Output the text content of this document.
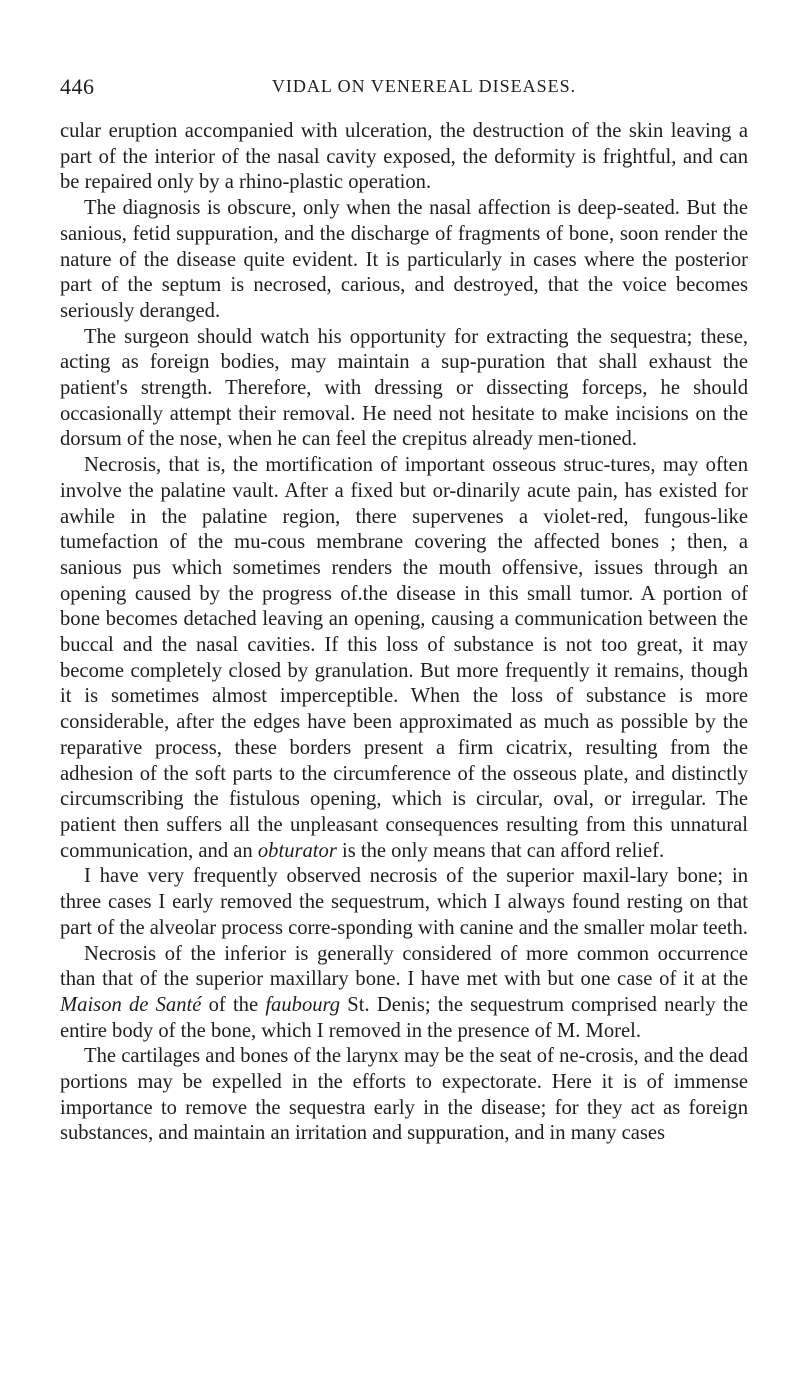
446	VIDAL ON VENEREAL DISEASES.

cular eruption accompanied with ulceration, the destruction of the skin leaving a part of the interior of the nasal cavity exposed, the deformity is frightful, and can be repaired only by a rhino-plastic operation.

The diagnosis is obscure, only when the nasal affection is deep-seated. But the sanious, fetid suppuration, and the discharge of fragments of bone, soon render the nature of the disease quite evident. It is particularly in cases where the posterior part of the septum is necrosed, carious, and destroyed, that the voice becomes seriously deranged.

The surgeon should watch his opportunity for extracting the sequestra; these, acting as foreign bodies, may maintain a sup-puration that shall exhaust the patient's strength. Therefore, with dressing or dissecting forceps, he should occasionally attempt their removal. He need not hesitate to make incisions on the dorsum of the nose, when he can feel the crepitus already men-tioned.

Necrosis, that is, the mortification of important osseous struc-tures, may often involve the palatine vault. After a fixed but or-dinarily acute pain, has existed for awhile in the palatine region, there supervenes a violet-red, fungous-like tumefaction of the mu-cous membrane covering the affected bones ; then, a sanious pus which sometimes renders the mouth offensive, issues through an opening caused by the progress of.the disease in this small tumor. A portion of bone becomes detached leaving an opening, causing a communication between the buccal and the nasal cavities. If this loss of substance is not too great, it may become completely closed by granulation. But more frequently it remains, though it is sometimes almost imperceptible. When the loss of substance is more considerable, after the edges have been approximated as much as possible by the reparative process, these borders present a firm cicatrix, resulting from the adhesion of the soft parts to the circumference of the osseous plate, and distinctly circumscribing the fistulous opening, which is circular, oval, or irregular. The patient then suffers all the unpleasant consequences resulting from this unnatural communication, and an obturator is the only means that can afford relief.

I have very frequently observed necrosis of the superior maxil-lary bone; in three cases I early removed the sequestrum, which I always found resting on that part of the alveolar process corre-sponding with canine and the smaller molar teeth.

Necrosis of the inferior is generally considered of more common occurrence than that of the superior maxillary bone. I have met with but one case of it at the Maison de Santé of the faubourg St. Denis; the sequestrum comprised nearly the entire body of the bone, which I removed in the presence of M. Morel.

The cartilages and bones of the larynx may be the seat of ne-crosis, and the dead portions may be expelled in the efforts to expectorate. Here it is of immense importance to remove the sequestra early in the disease; for they act as foreign substances, and maintain an irritation and suppuration, and in many cases
